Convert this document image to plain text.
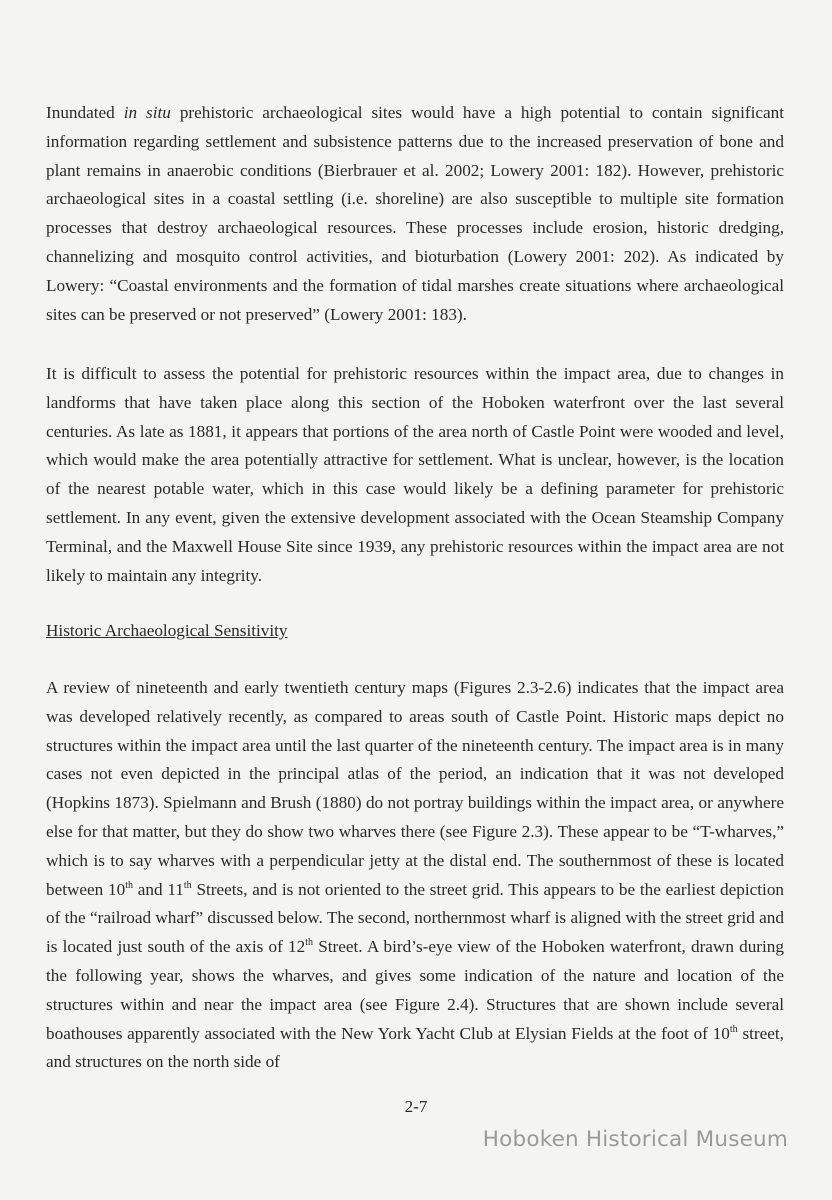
Inundated in situ prehistoric archaeological sites would have a high potential to contain significant information regarding settlement and subsistence patterns due to the increased preservation of bone and plant remains in anaerobic conditions (Bierbrauer et al. 2002; Lowery 2001: 182). However, prehistoric archaeological sites in a coastal settling (i.e. shoreline) are also susceptible to multiple site formation processes that destroy archaeological resources. These processes include erosion, historic dredging, channelizing and mosquito control activities, and bioturbation (Lowery 2001: 202). As indicated by Lowery: “Coastal environments and the formation of tidal marshes create situations where archaeological sites can be preserved or not preserved” (Lowery 2001: 183).

It is difficult to assess the potential for prehistoric resources within the impact area, due to changes in landforms that have taken place along this section of the Hoboken waterfront over the last several centuries. As late as 1881, it appears that portions of the area north of Castle Point were wooded and level, which would make the area potentially attractive for settlement. What is unclear, however, is the location of the nearest potable water, which in this case would likely be a defining parameter for prehistoric settlement. In any event, given the extensive development associated with the Ocean Steamship Company Terminal, and the Maxwell House Site since 1939, any prehistoric resources within the impact area are not likely to maintain any integrity.

Historic Archaeological Sensitivity

A review of nineteenth and early twentieth century maps (Figures 2.3-2.6) indicates that the impact area was developed relatively recently, as compared to areas south of Castle Point. Historic maps depict no structures within the impact area until the last quarter of the nineteenth century. The impact area is in many cases not even depicted in the principal atlas of the period, an indication that it was not developed (Hopkins 1873). Spielmann and Brush (1880) do not portray buildings within the impact area, or anywhere else for that matter, but they do show two wharves there (see Figure 2.3). These appear to be “T-wharves,” which is to say wharves with a perpendicular jetty at the distal end. The southernmost of these is located between 10th and 11th Streets, and is not oriented to the street grid. This appears to be the earliest depiction of the “railroad wharf” discussed below. The second, northernmost wharf is aligned with the street grid and is located just south of the axis of 12th Street. A bird’s-eye view of the Hoboken waterfront, drawn during the following year, shows the wharves, and gives some indication of the nature and location of the structures within and near the impact area (see Figure 2.4). Structures that are shown include several boathouses apparently associated with the New York Yacht Club at Elysian Fields at the foot of 10th street, and structures on the north side of

2-7
Hoboken Historical Museum
